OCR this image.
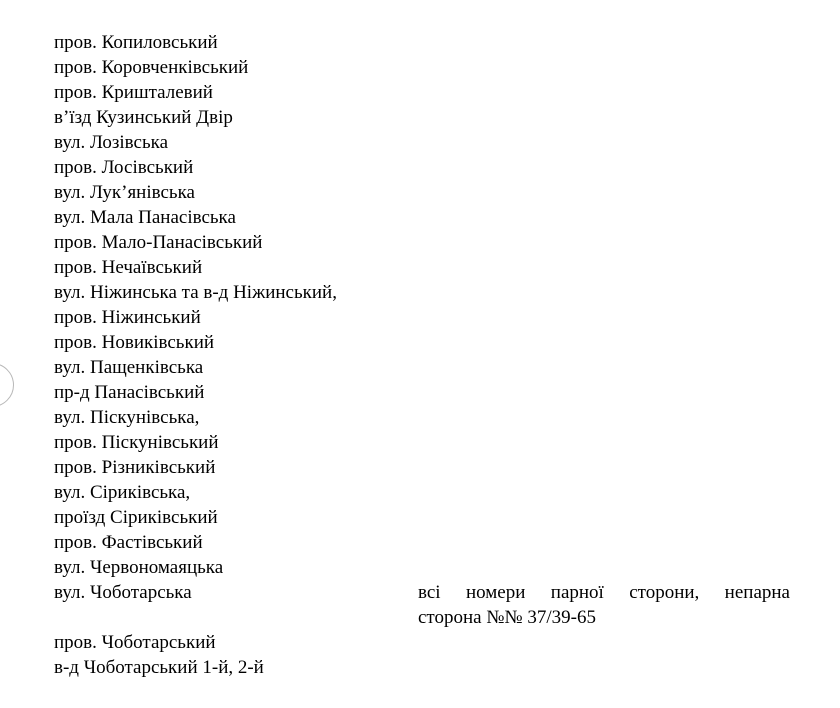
пров. Копиловський
пров. Коровченківський
пров. Кришталевий
в’їзд Кузинський Двір
вул. Лозівська
пров. Лосівський
вул. Лук’янівська
вул. Мала Панасівська
пров. Мало-Панасівський
пров. Нечаївський
вул. Ніжинська та в-д Ніжинський,
пров. Ніжинський
пров. Новиківський
вул. Пащенківська
пр-д Панасівський
вул. Піскунівська,
пров. Піскунівський
пров. Різниківський
вул. Сіриківська,
проїзд Сіриківський
пров. Фастівський
вул. Червономаяцька
вул. Чоботарська
пров. Чоботарський
в-д Чоботарський 1-й, 2-й

всі номери парної сторони, непарна
сторона №№ 37/39-65
